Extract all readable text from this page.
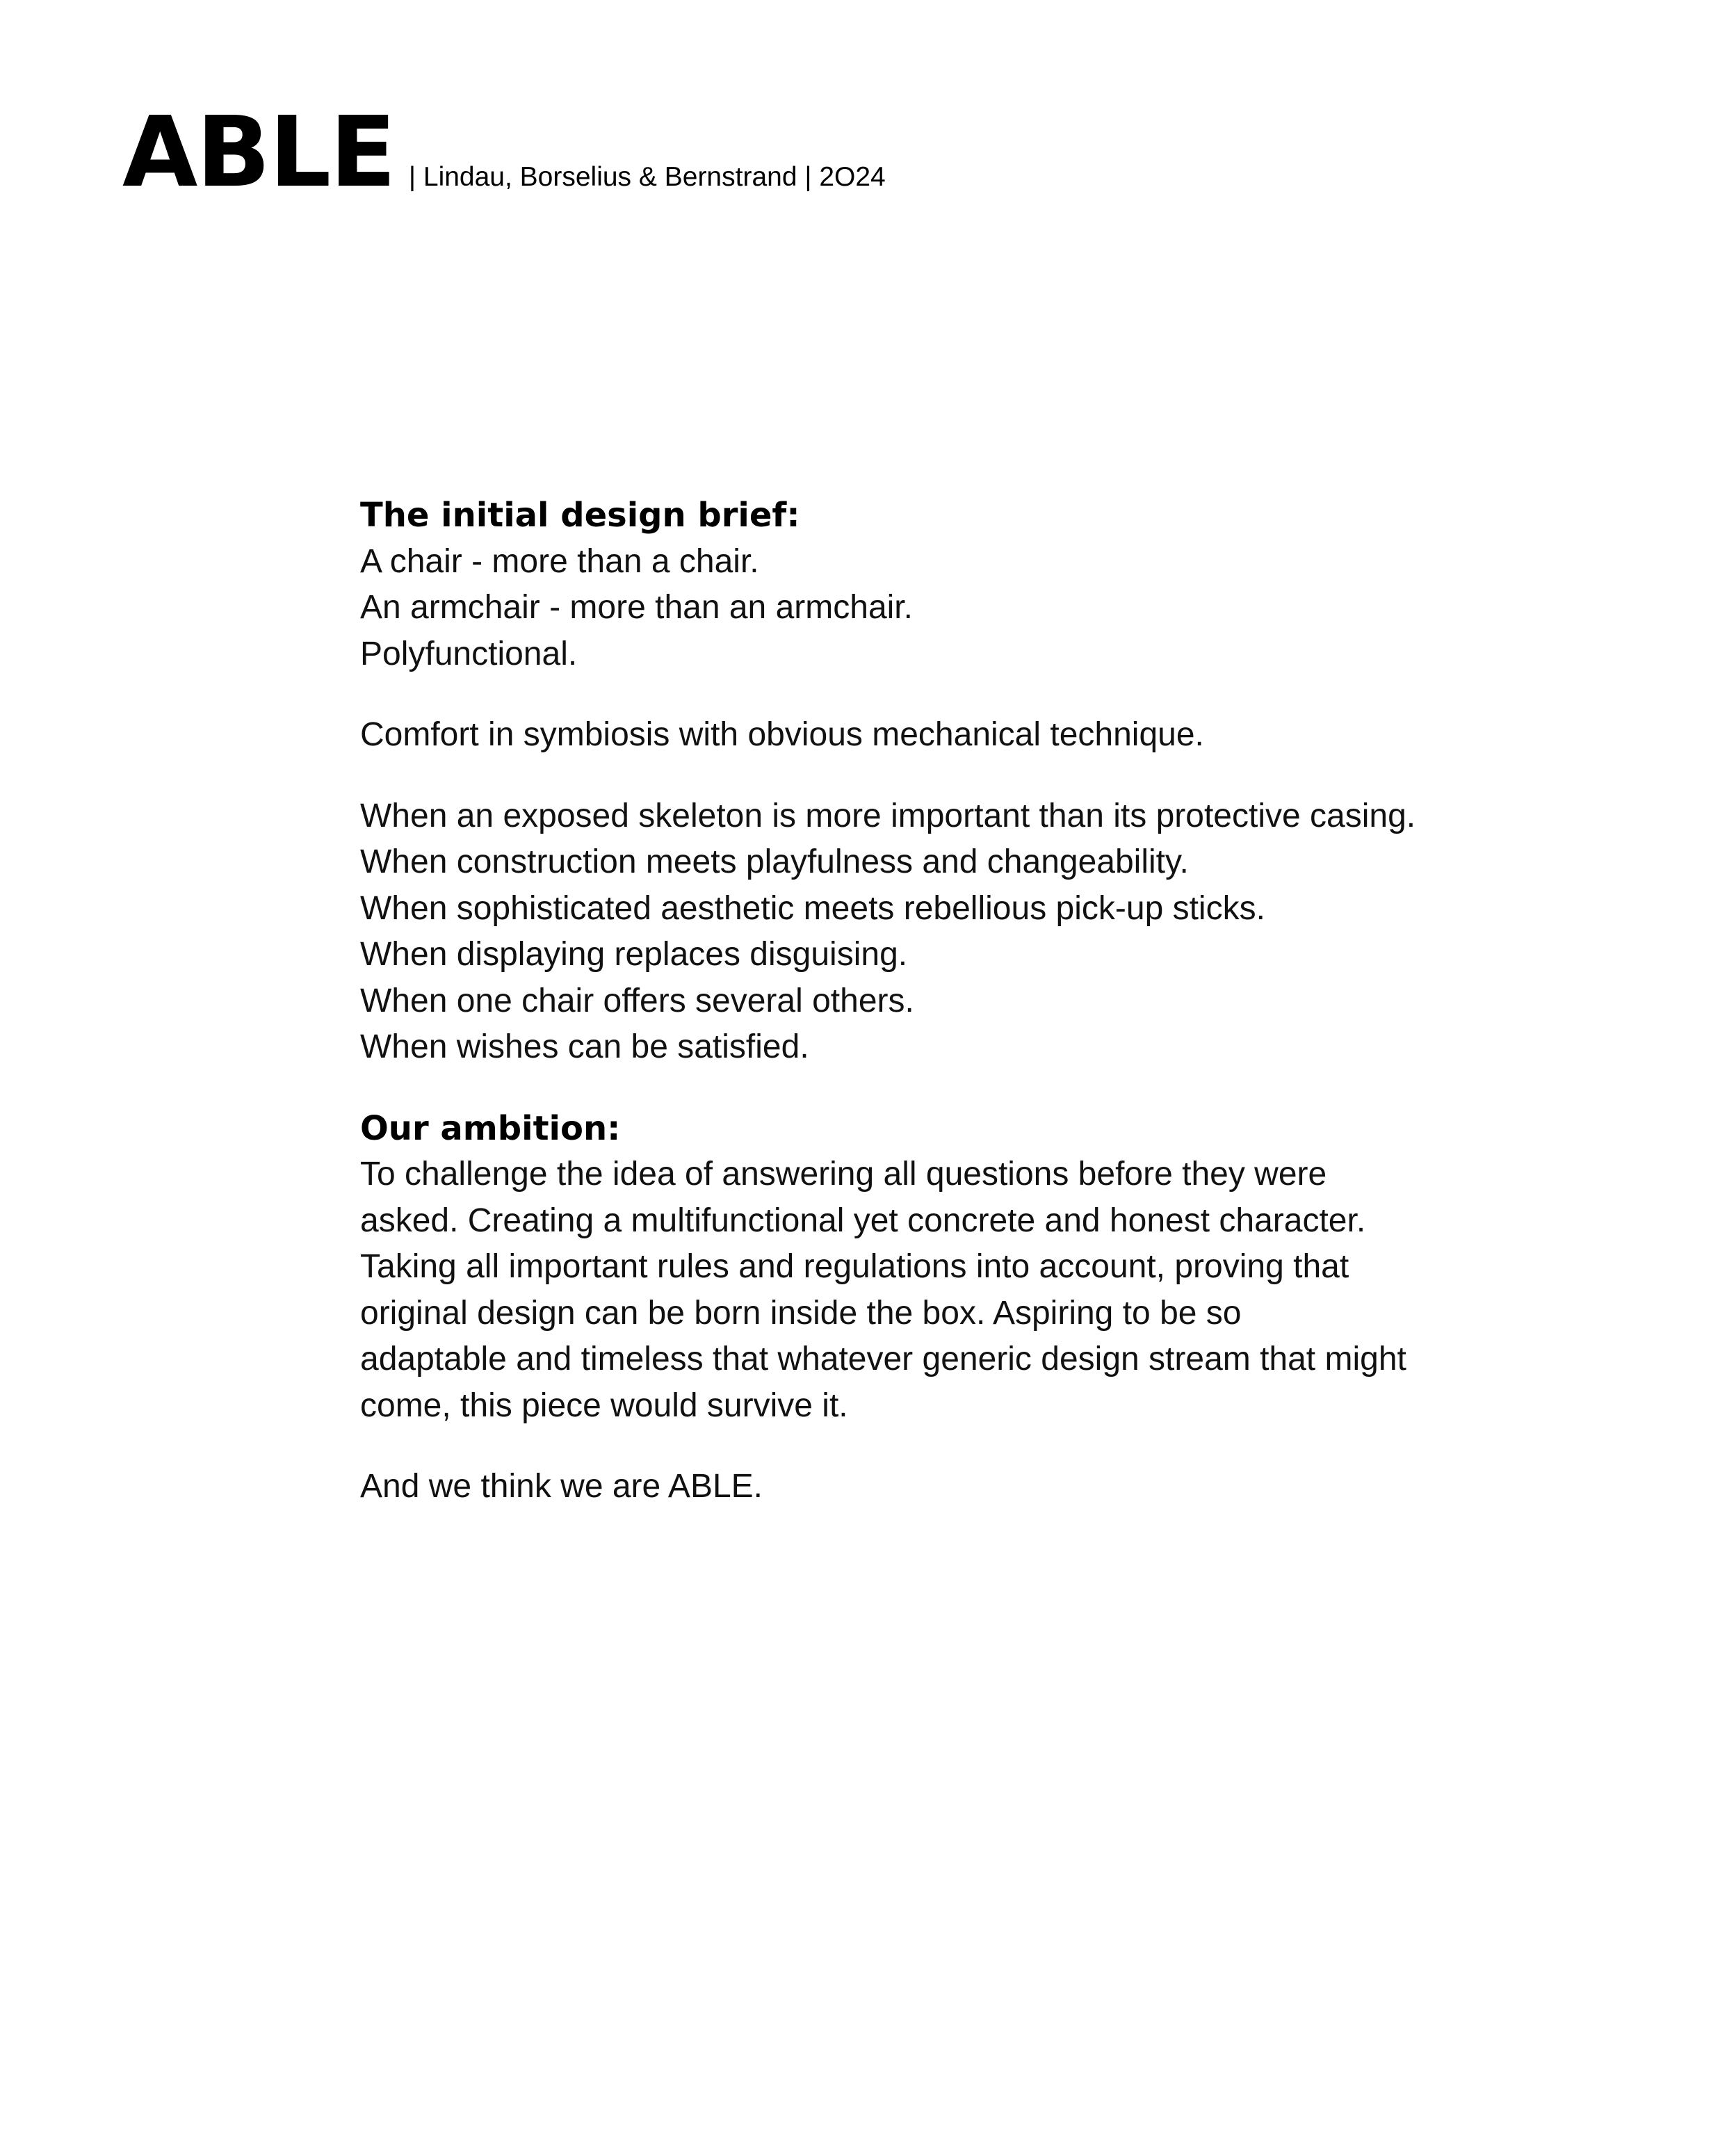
ABLE | Lindau, Borselius & Bernstrand | 2O24
The initial design brief:
A chair - more than a chair.
An armchair - more than an armchair.
Polyfunctional.
Comfort in symbiosis with obvious mechanical technique.
When an exposed skeleton is more important than its protective casing.
When construction meets playfulness and changeability.
When sophisticated aesthetic meets rebellious pick-up sticks.
When displaying replaces disguising.
When one chair offers several others.
When wishes can be satisfied.
Our ambition:
To challenge the idea of answering all questions before they were
asked. Creating a multifunctional yet concrete and honest character.
Taking all important rules and regulations into account, proving that
original design can be born inside the box. Aspiring to be so
adaptable and timeless that whatever generic design stream that might
come, this piece would survive it.
And we think we are ABLE.
